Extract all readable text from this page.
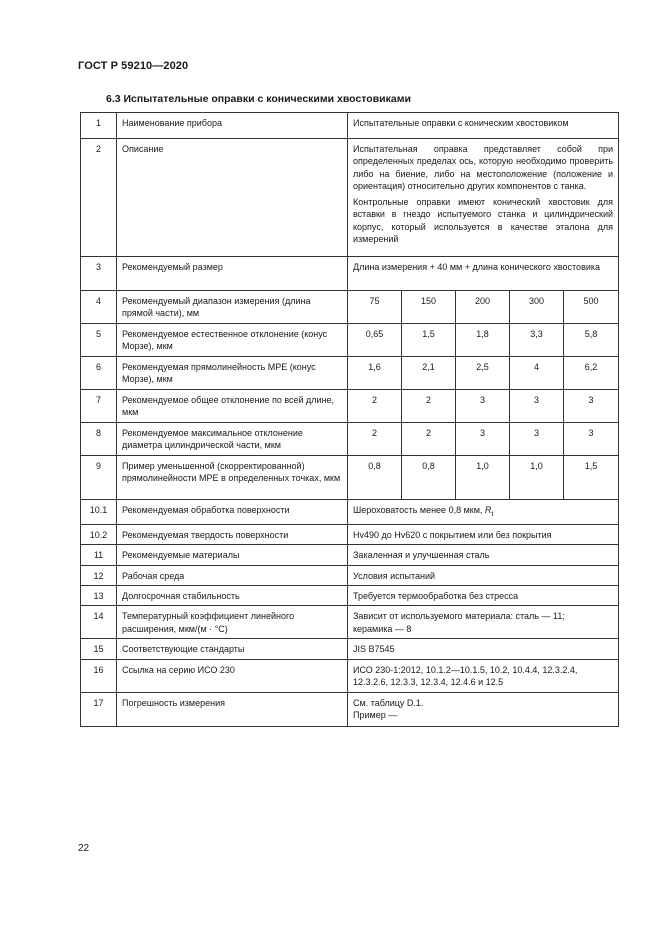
ГОСТ Р 59210—2020
6.3 Испытательные оправки с коническими хвостовиками
1	Наименование прибора	Испытательные оправки с коническим хвостовиком				
2	Описание	Испытательная оправка представляет собой при определенных пределах ось, которую необходимо проверить либо на биение, либо на местоположение (положение и ориентация) относительно других компонентов с танка.

Контрольные оправки имеют конический хвостовик для вставки в гнездо испытуемого станка и цилиндрический корпус, который используется в качестве эталона для измерений				

3	Рекомендуемый размер	Длина измерения + 40 мм + длина конического хвостовика				
4	Рекомендуемый диапазон измерения (длина прямой части), мм	75	150	200	300	500
5	Рекомендуемое естественное отклонение (конус Морзе), мкм	0,65	1,5	1,8	3,3	5,8
6	Рекомендуемая прямолинейность MPE (конус Морзе), мкм	1,6	2,1	2,5	4	6,2
7	Рекомендуемое общее отклонение по всей длине, мкм	2	2	3	3	3
8	Рекомендуемое максимальное отклонение диаметра цилиндрической части, мкм	2	2	3	3	3
9	Пример уменьшенной (скорректированной) прямолинейности MPE в определенных точках, мкм	0,8	0,8	1,0	1,0	1,5
10.1	Рекомендуемая обработка поверхности	Шероховатость менее 0,8 мкм, $R_t$
10.2	Рекомендуемая твердость поверхности	Hv490 до Hv620 с покрытием или без покрытия				
11	Рекомендуемые материалы	Закаленная и улучшенная сталь				
12	Рабочая среда	Условия испытаний				
13	Долгосрочная стабильность	Требуется термообработка без стресса				
14	Температурный коэффициент линейного расширения, мкм/(м · °С)	Зависит от используемого материала: сталь — 11;
керамика — 8				

15	Соответствующие стандарты	JIS B7545				
16	Ссылка на серию ИСО 230	ИСО 230-1:2012, 10.1.2—10.1.5, 10.2, 10.4.4, 12.3.2.4, 12.3.2.6, 12.3.3, 12.3.4, 12.4.6 и 12.5				
17	Погрешность измерения	См. таблицу D.1.
Пример —				
22
